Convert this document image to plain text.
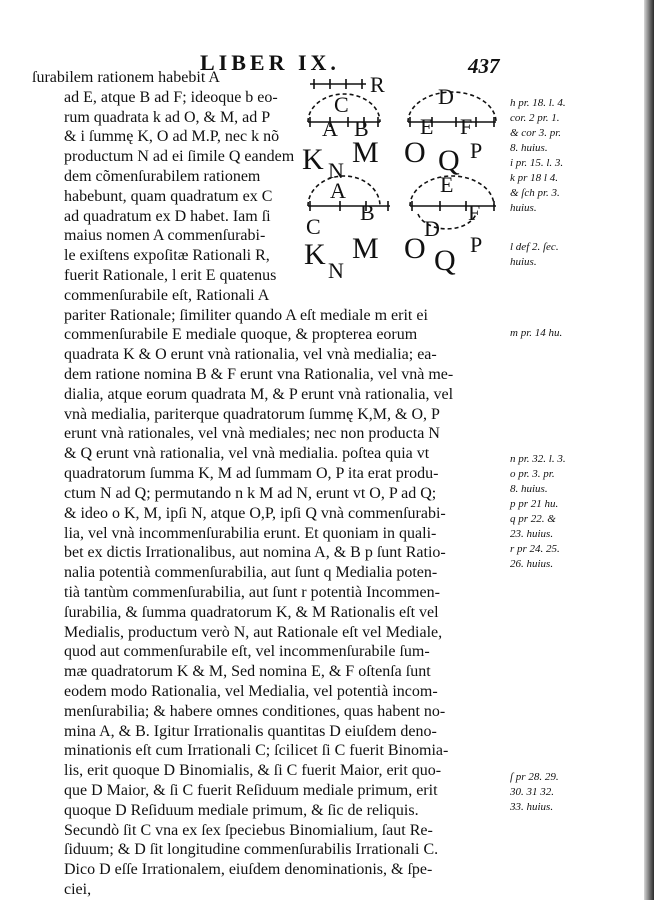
LIBER IX.	437
R
C
A B
D
E F
K M
N
O Q P
A
B
C
E
F
D
K M
N
O Q P
ſurabilem rationem habebit A
ad E, atque B ad F; ideoque b eo-
rum quadrata k ad O, & M, ad P
& i ſummę K, O ad M.P, nec k nõ
productum N ad ei ſimile Q eandem
dem cõmenſurabilem rationem
habebunt, quam quadratum ex C
ad quadratum ex D habet. Iam ſi
maius nomen A commenſurabi-
le exiſtens expoſitæ Rationali R,
fuerit Rationale, l erit E quatenus
commenſurabile eſt, Rationali A
pariter Rationale; ſimiliter quando A eſt mediale m erit ei
commenſurabile E mediale quoque, & propterea eorum
quadrata K & O erunt vnà rationalia, vel vnà medialia; ea-
dem ratione nomina B & F erunt vna Rationalia, vel vnà me-
dialia, atque eorum quadrata M, & P erunt vnà rationalia, vel
vnà medialia, pariterque quadratorum ſummę K,M, & O, P
erunt vnà rationales, vel vnà mediales; nec non producta N
& Q erunt vnà rationalia, vel vnà medialia. poſtea quia vt
quadratorum ſumma K, M ad ſummam O, P ita erat produ-
ctum N ad Q; permutando n k M ad N, erunt vt O, P ad Q;
& ideo o K, M, ipſi N, atque O,P, ipſi Q vnà commenſurabi-
lia, vel vnà incommenſurabilia erunt. Et quoniam in quali-
bet ex dictis Irrationalibus, aut nomina A, & B p ſunt Ratio-
nalia potentià commenſurabilia, aut ſunt q Medialia poten-
tià tantùm commenſurabilia, aut ſunt r potentià Incommen-
ſurabilia, & ſumma quadratorum K, & M Rationalis eſt vel
Medialis, productum verò N, aut Rationale eſt vel Mediale,
quod aut commenſurabile eſt, vel incommenſurabile ſum-
mæ quadratorum K & M, Sed nomina E, & F oſtenſa ſunt
eodem modo Rationalia, vel Medialia, vel potentià incom-
menſurabilia; & habere omnes conditiones, quas habent no-
mina A, & B. Igitur Irrationalis quantitas D eiuſdem deno-
minationis eſt cum Irrationali C; ſcilicet ſi C fuerit Binomia-
lis, erit quoque D Binomialis, & ſi C fuerit Maior, erit quo-
que D Maior, & ſi C fuerit Reſiduum mediale primum, erit
quoque D Reſiduum mediale primum, & ſic de reliquis.
Secundò ſit C vna ex ſex ſpeciebus Binomialium, ſaut Re-
ſiduum; & D ſit longitudine commenſurabilis Irrationali C.
Dico D eſſe Irrationalem, eiuſdem denominationis, & ſpe-
ciei,
h pr. 18. l. 4.
cor. 2 pr. 1.
& cor 3. pr.
8. huius.
i pr. 15. l. 3.
k pr 18 l 4.
& ſch pr. 3.
huius.
l def 2. ſec.
huius.
m pr. 14 hu.
n pr. 32. l. 3.
o pr. 3. pr.
8. huius.
p pr 21 hu.
q pr 22. &
23. huius.
r pr 24. 25.
26. huius.
ſ pr 28. 29.
30. 31 32.
33. huius.
